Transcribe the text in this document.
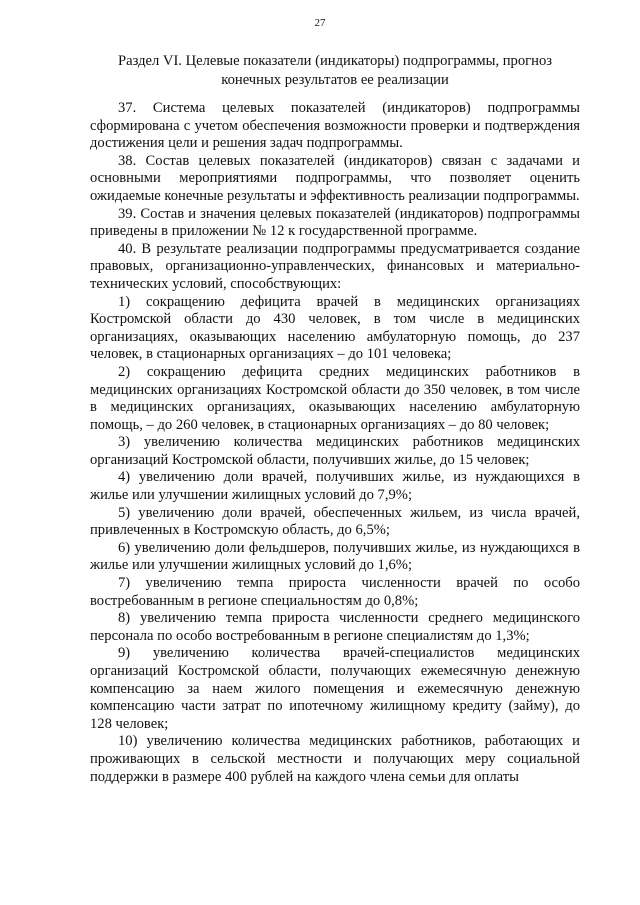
27
Раздел VI. Целевые показатели (индикаторы) подпрограммы, прогноз
конечных результатов ее реализации

37. Система целевых показателей (индикаторов) подпрограммы сформирована с учетом обеспечения возможности проверки и подтверждения достижения цели и решения задач подпрограммы.

38. Состав целевых показателей (индикаторов) связан с задачами и основными мероприятиями подпрограммы, что позволяет оценить ожидаемые конечные результаты и эффективность реализации подпрограммы.

39. Состав и значения целевых показателей (индикаторов) подпрограммы приведены в приложении № 12 к государственной программе.

40. В результате реализации подпрограммы предусматривается создание правовых, организационно-управленческих, финансовых и материально-технических условий, способствующих:

1) сокращению дефицита врачей в медицинских организациях Костромской области до 430 человек, в том числе в медицинских организациях, оказывающих населению амбулаторную помощь, до 237 человек, в стационарных организациях – до 101 человека;

2) сокращению дефицита средних медицинских работников в медицинских организациях Костромской области до 350 человек, в том числе в медицинских организациях, оказывающих населению амбулаторную помощь, – до 260 человек, в стационарных организациях – до 80 человек;

3) увеличению количества медицинских работников медицинских организаций Костромской области, получивших жилье, до 15 человек;

4) увеличению доли врачей, получивших жилье, из нуждающихся в жилье или улучшении жилищных условий до 7,9%;

5) увеличению доли врачей, обеспеченных жильем, из числа врачей, привлеченных в Костромскую область, до 6,5%;

6) увеличению доли фельдшеров, получивших жилье, из нуждающихся в жилье или улучшении жилищных условий до 1,6%;

7) увеличению темпа прироста численности врачей по особо востребованным в регионе специальностям до 0,8%;

8) увеличению темпа прироста численности среднего медицинского персонала по особо востребованным в регионе специалистям до 1,3%;

9) увеличению количества врачей-специалистов медицинских организаций Костромской области, получающих ежемесячную денежную компенсацию за наем жилого помещения и ежемесячную денежную компенсацию части затрат по ипотечному жилищному кредиту (займу), до 128 человек;

10) увеличению количества медицинских работников, работающих и проживающих в сельской местности и получающих меру социальной поддержки в размере 400 рублей на каждого члена семьи для оплаты
